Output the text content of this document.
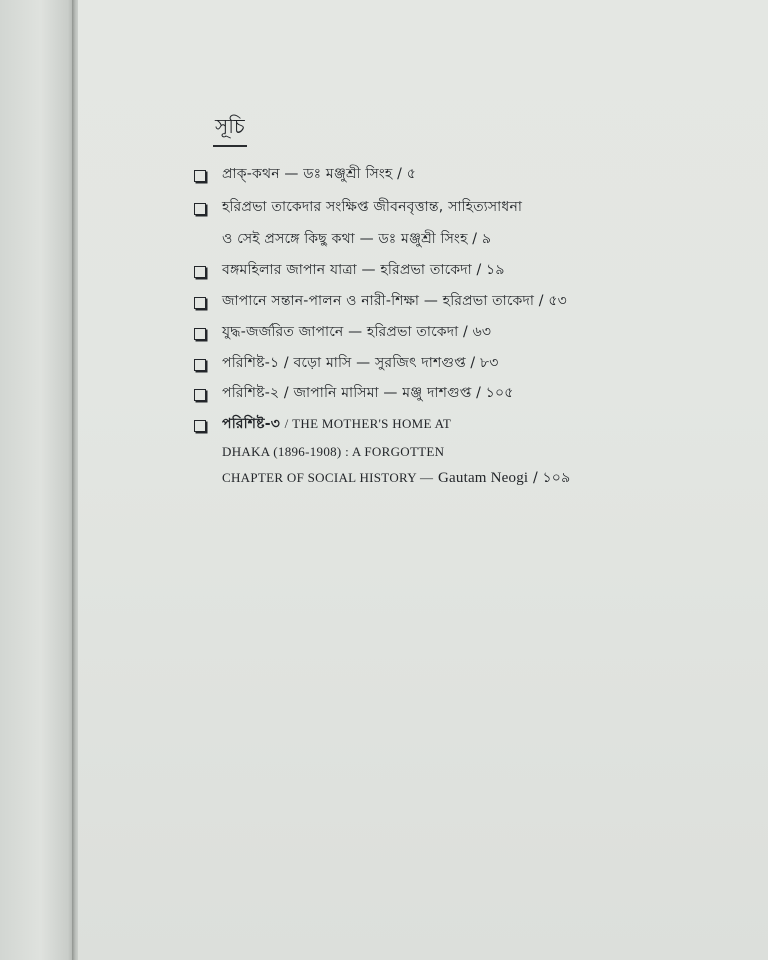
সূচি
প্রাক্-কথন — ডঃ মঞ্জুশ্রী সিংহ / ৫
হরিপ্রভা তাকেদার সংক্ষিপ্ত জীবনবৃত্তান্ত, সাহিত্যসাধনা
ও সেই প্রসঙ্গে কিছু কথা — ডঃ মঞ্জুশ্রী সিংহ / ৯
বঙ্গমহিলার জাপান যাত্রা — হরিপ্রভা তাকেদা / ১৯
জাপানে সন্তান-পালন ও নারী-শিক্ষা — হরিপ্রভা তাকেদা / ৫৩
যুদ্ধ-জর্জরিত জাপানে — হরিপ্রভা তাকেদা / ৬৩
পরিশিষ্ট-১ / বড়ো মাসি — সুরজিৎ দাশগুপ্ত / ৮৩
পরিশিষ্ট-২ / জাপানি মাসিমা — মঞ্জু দাশগুপ্ত / ১০৫
পরিশিষ্ট-৩ / THE MOTHER'S HOME AT
DHAKA (1896-1908) : A FORGOTTEN
CHAPTER OF SOCIAL HISTORY — Gautam Neogi / ১০৯
